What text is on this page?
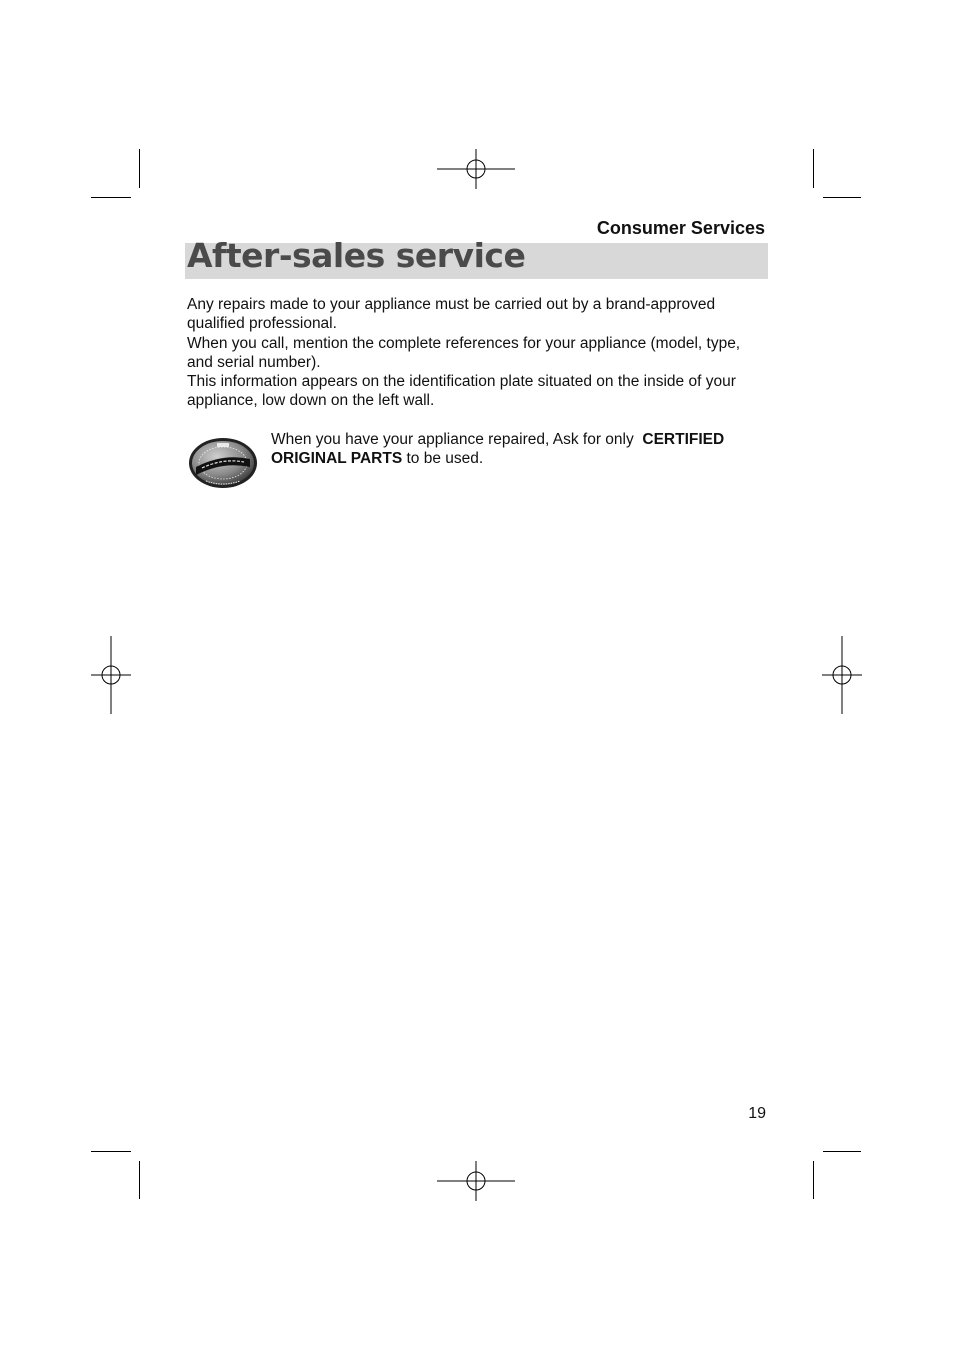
Consumer Services
After-sales service

Any repairs made to your appliance must be carried out by a brand-approved qualified professional.

When you call, mention the complete references for your appliance (model, type, and serial number).

This information appears on the identification plate situated on the inside of your appliance, low down on the left wall.

When you have your appliance repaired, Ask for only CERTIFIED ORIGINAL PARTS to be used.
19
